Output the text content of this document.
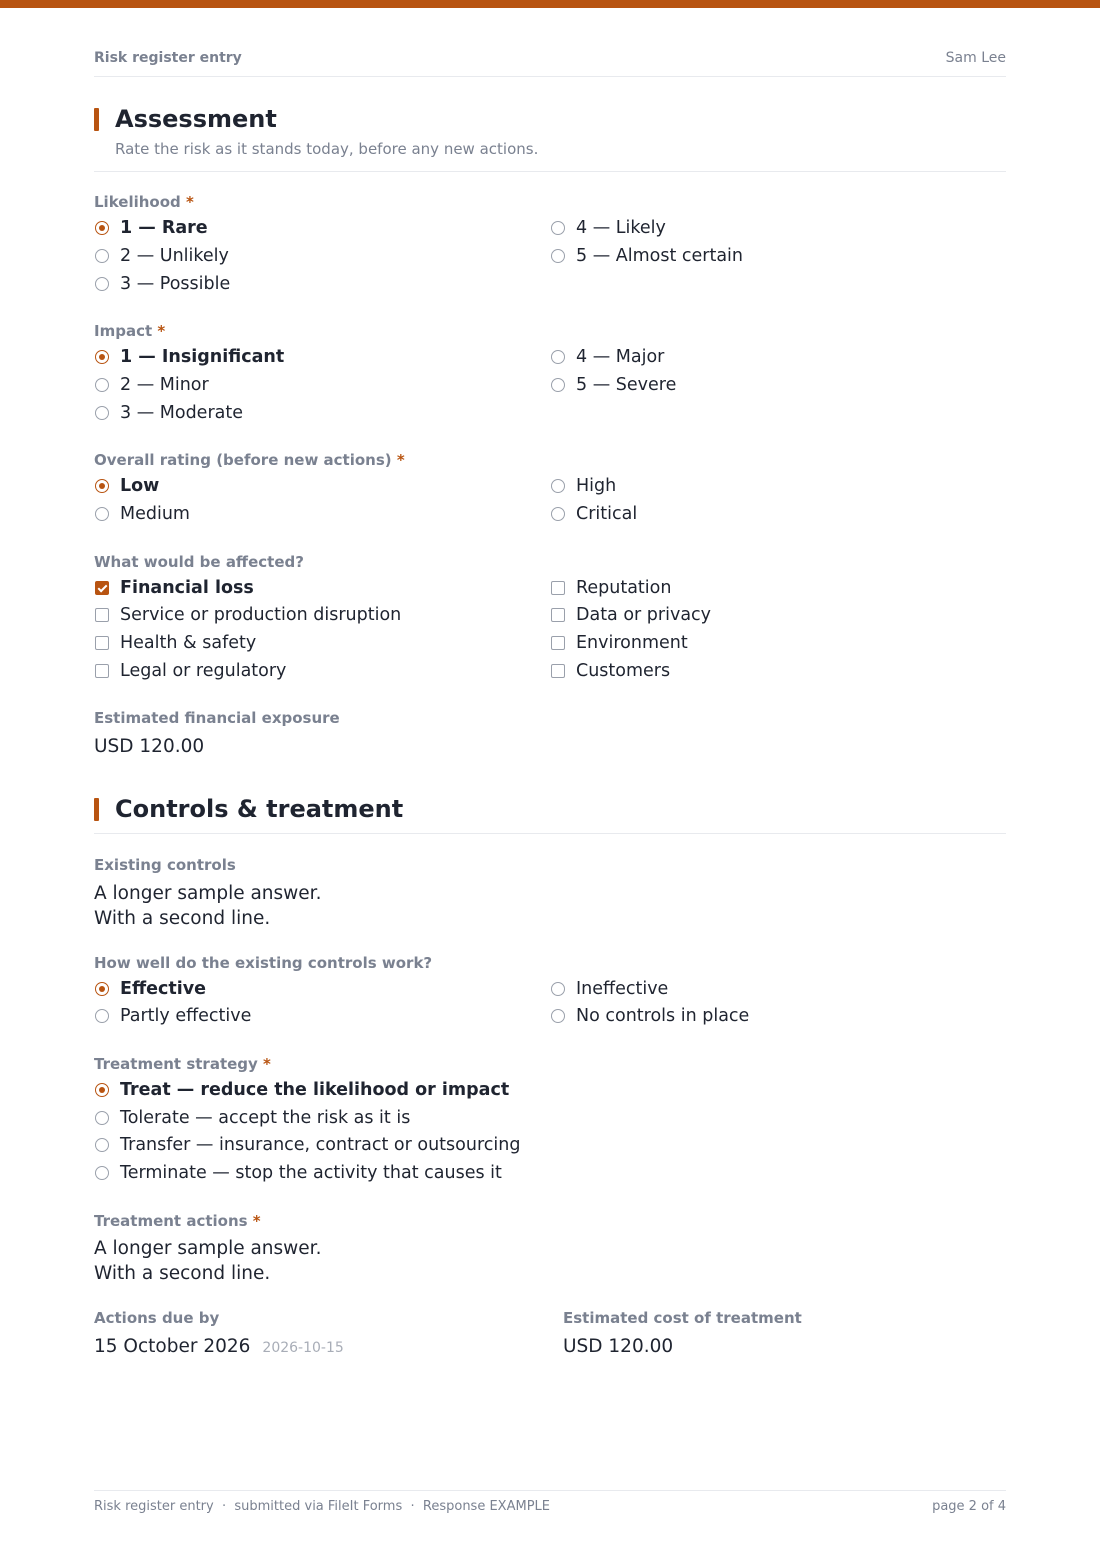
Risk register entry	Sam Lee
Assessment
Rate the risk as it stands today, before any new actions.
Likelihood *
1 — Rare
2 — Unlikely
3 — Possible
4 — Likely
5 — Almost certain
Impact *
1 — Insignificant
2 — Minor
3 — Moderate
4 — Major
5 — Severe
Overall rating (before new actions) *
Low
Medium
High
Critical
What would be affected?
Financial loss
Service or production disruption
Health & safety
Legal or regulatory
Reputation
Data or privacy
Environment
Customers
Estimated financial exposure
USD 120.00
Controls & treatment
Existing controls
A longer sample answer.
With a second line.
How well do the existing controls work?
Effective
Partly effective
Ineffective
No controls in place
Treatment strategy *
Treat — reduce the likelihood or impact
Tolerate — accept the risk as it is
Transfer — insurance, contract or outsourcing
Terminate — stop the activity that causes it
Treatment actions *
A longer sample answer.
With a second line.
Actions due by
15 October 2026 2026-10-15
Estimated cost of treatment
USD 120.00
Risk register entry  ·  submitted via FileIt Forms  ·  Response EXAMPLE	page 2 of 4
